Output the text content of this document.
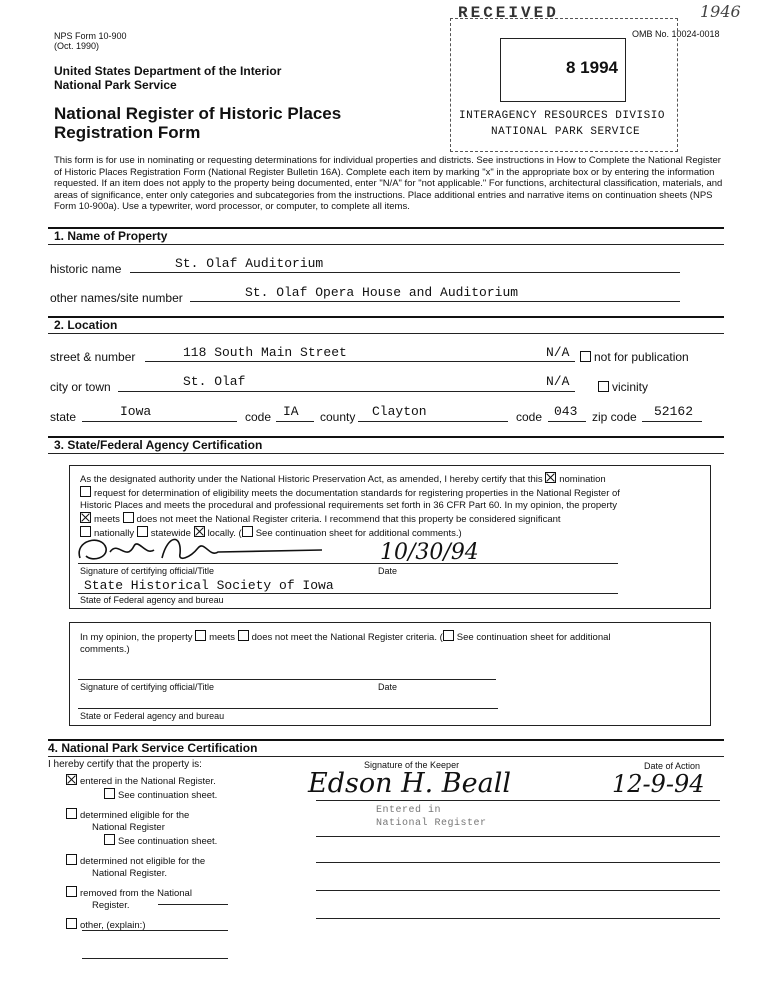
NPS Form 10-900
(Oct. 1990)
OMB No. 10024-0018
United States Department of the Interior
National Park Service
National Register of Historic Places
Registration Form
RECEIVED	1946
8 1994
INTERAGENCY RESOURCES DIVISIO
NATIONAL PARK SERVICE
This form is for use in nominating or requesting determinations for individual properties and districts. See instructions in How to Complete the National Register of Historic Places Registration Form (National Register Bulletin 16A). Complete each item by marking "x" in the appropriate box or by entering the information requested. If an item does not apply to the property being documented, enter "N/A" for "not applicable." For functions, architectural classification, materials, and areas of significance, enter only categories and subcategories from the instructions. Place additional entries and narrative items on continuation sheets (NPS Form 10-900a). Use a typewriter, word processor, or computer, to complete all items.
1. Name of Property
historic name	St. Olaf Auditorium
other names/site number	St. Olaf Opera House and Auditorium
2. Location
street & number	118 South Main Street	N/A	not for publication
city or town	St. Olaf	N/A	vicinity
state	Iowa	code IA county Clayton	code 043 zip code 52162
3. State/Federal Agency Certification

As the designated authority under the National Historic Preservation Act, as amended, I hereby certify that this nomination

request for determination of eligibility meets the documentation standards for registering properties in the National Register of

Historic Places and meets the procedural and professional requirements set forth in 36 CFR Part 60. In my opinion, the property

meets does not meet the National Register criteria. I recommend that this property be considered significant

nationally statewide locally. ( See continuation sheet for additional comments.)

10/30/94
Signature of certifying official/Title	Date
State Historical Society of Iowa
State of Federal agency and bureau

In my opinion, the property meets does not meet the National Register criteria. ( See continuation sheet for additional

comments.)

Signature of certifying official/Title	Date
State or Federal agency and bureau
4. National Park Service Certification
I hereby certify that the property is:	Signature of the Keeper	Date of Action
Edson H. Beall	12-9-94
entered in the National Register.
See continuation sheet.
determined eligible for the
National Register
See continuation sheet.
determined not eligible for the
National Register.
removed from the National
Register.
other, (explain:)
Entered in
National Register
